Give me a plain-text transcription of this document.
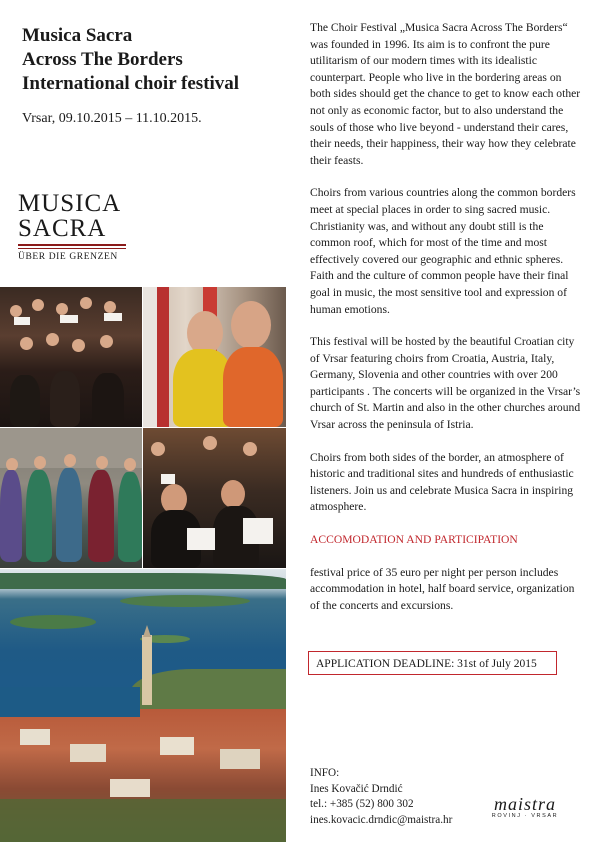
Musica Sacra
Across The Borders
International choir festival
Vrsar, 09.10.2015 – 11.10.2015.
MUSICA
SACRA
ÜBER DIE GRENZEN

The Choir Festival „Musica Sacra Across The Borders“ was founded in 1996. Its aim is to confront the pure utilitarism of our modern times with its idealistic counterpart. People who live in the bordering areas on both sides should get the chance to get to know each other not only as economic factor, but to also understand the souls of those who live beyond - understand their cares, their needs, their happiness, their way how they celebrate their feasts.

Choirs from various countries along the common borders meet at special places in order to sing sacred music. Christianity was, and without any doubt still is the common roof, which for most of the time and most effectively covered our geographic and ethnic spheres. Faith and the culture of common people have their final goal in music, the most sensitive tool and expression of human emotions.

This festival will be hosted by the beautiful Croatian city of Vrsar featuring choirs from Croatia, Austria, Italy, Germany, Slovenia and other countries with over 200 participants . The concerts will be organized in the Vrsar’s church of St. Martin and also in the other churches around Vrsar across the peninsula of Istria.

Choirs from both sides of the border, an atmosphere of historic and traditional sites and hundreds of enthusiastic listeners. Join us and celebrate Musica Sacra in inspiring atmosphere.

ACCOMODATION AND PARTICIPATION

festival price of 35 euro per night per person includes accommodation in hotel, half board service, organization of the concerts and excursions.

APPLICATION DEADLINE: 31st of July 2015
INFO:
Ines Kovačić Drndić
tel.: +385 (52) 800 302
ines.kovacic.drndic@maistra.hr
maistra
ROVINJ · VRSAR
